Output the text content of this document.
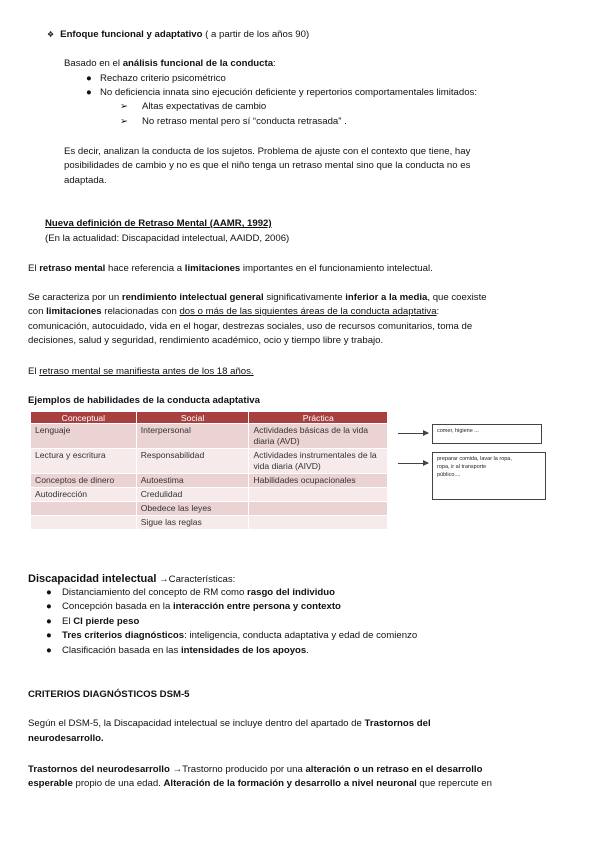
❖ Enfoque funcional y adaptativo ( a partir de los años 90)
Basado en el análisis funcional de la conducta:
● Rechazo criterio psicométrico
● No deficiencia innata sino ejecución deficiente y repertorios comportamentales limitados:
➢ Altas expectativas de cambio
➢ No retraso mental pero sí “conducta retrasada” .
Es decir, analizan la conducta de los sujetos. Problema de ajuste con el contexto que tiene, hay
posibilidades de cambio y no es que el niño tenga un retraso mental sino que la conducta no es
adaptada.
Nueva definición de Retraso Mental (AAMR, 1992)
(En la actualidad: Discapacidad intelectual, AAIDD, 2006)
El retraso mental hace referencia a limitaciones importantes en el funcionamiento intelectual.
Se caracteriza por un rendimiento intelectual general significativamente inferior a la media, que coexiste
con limitaciones relacionadas con dos o más de las siguientes áreas de la conducta adaptativa:
comunicación, autocuidado, vida en el hogar, destrezas sociales, uso de recursos comunitarios, toma de
decisiones, salud y seguridad, rendimiento académico, ocio y tiempo libre y trabajo.
El retraso mental se manifiesta antes de los 18 años.
Ejemplos de habilidades de la conducta adaptativa
Conceptual	Social	Práctica
Lenguaje	Interpersonal	Actividades básicas de la vida diaria (AVD)
Lectura y escritura	Responsabilidad	Actividades instrumentales de la vida diaria (AIVD)
Conceptos de dinero	Autoestima	Habilidades ocupacionales
Autodirección	Credulidad	
	Obedece las leyes	
	Sigue las reglas	
comer, higiene ...
preparar comida, lavar la ropa,
ropa, ir al transporte
público....
Discapacidad intelectual →Características:
● Distanciamiento del concepto de RM como rasgo del individuo
● Concepción basada en la interacción entre persona y contexto
● El CI pierde peso
● Tres criterios diagnósticos: inteligencia, conducta adaptativa y edad de comienzo
● Clasificación basada en las intensidades de los apoyos.
CRITERIOS DIAGNÓSTICOS DSM-5
Según el DSM-5, la Discapacidad intelectual se incluye dentro del apartado de Trastornos del
neurodesarrollo.
Trastornos del neurodesarrollo →Trastorno producido por una alteración o un retraso en el desarrollo
esperable propio de una edad. Alteración de la formación y desarrollo a nivel neuronal que repercute en
